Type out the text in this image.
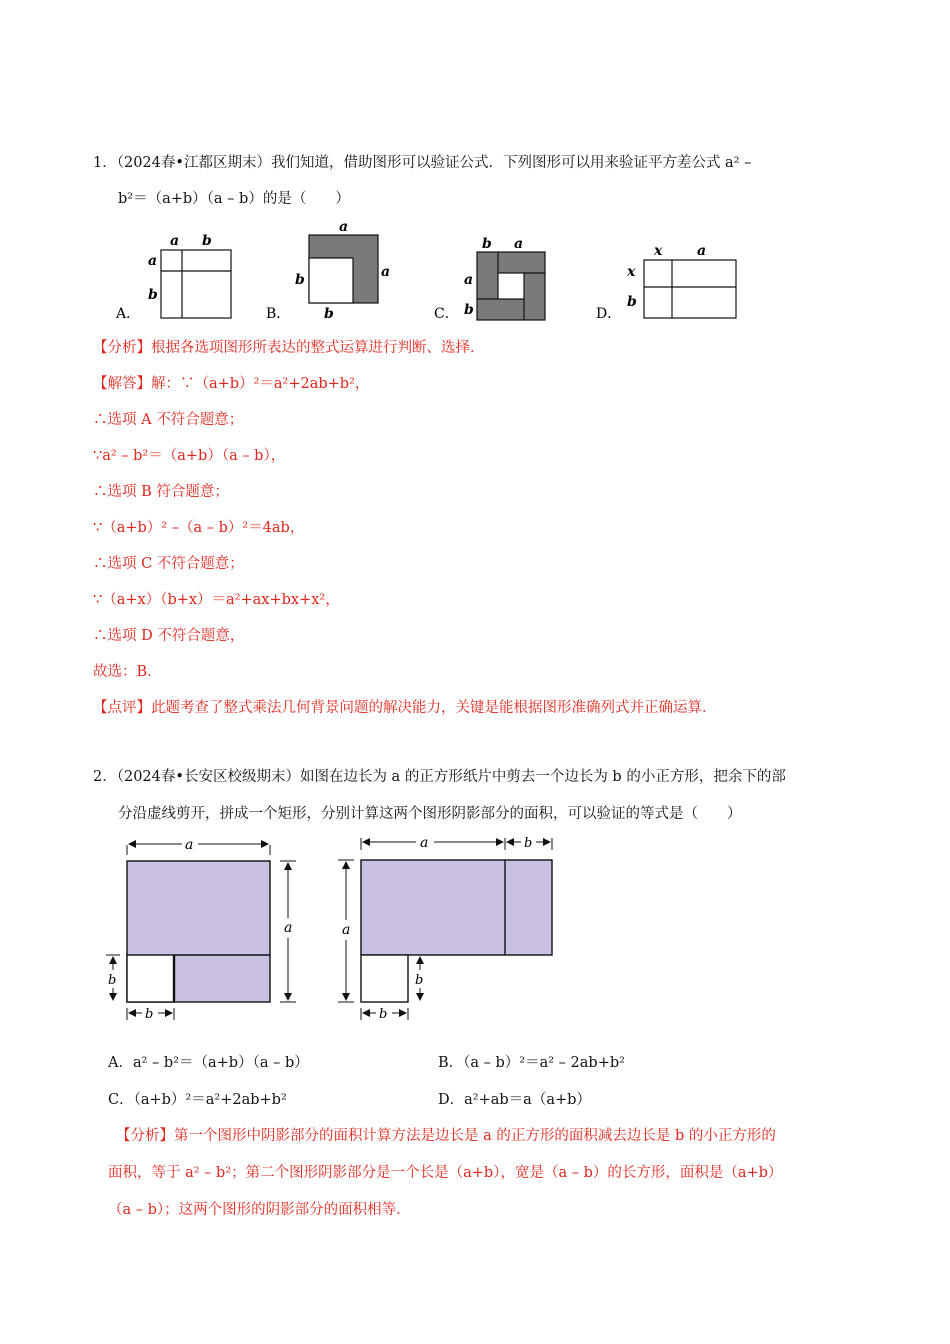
1．（2024春•江都区期末）我们知道，借助图形可以验证公式．下列图形可以用来验证平方差公式 a² –
b²＝（a+b）（a – b）的是（　　）
A．
a b
a
b
B．
a
b	a
b	C．
b a
a
b	D．
x a
x
b
【分析】根据各选项图形所表达的整式运算进行判断、选择．
【解答】解：∵（a+b）²＝a²+2ab+b²，
∴选项 A 不符合题意；
∵a² – b²＝（a+b）（a – b），
∴选项 B 符合题意；
∵（a+b）² –（a – b）²＝4ab，
∴选项 C 不符合题意；
∵（a+x）（b+x）＝a²+ax+bx+x²，
∴选项 D 不符合题意，
故选：B．
【点评】此题考查了整式乘法几何背景问题的解决能力，关键是能根据图形准确列式并正确运算．
2．（2024春•长安区校级期末）如图在边长为 a 的正方形纸片中剪去一个边长为 b 的小正方形，把余下的部
分沿虚线剪开，拼成一个矩形，分别计算这两个图形阴影部分的面积，可以验证的等式是（　　）
a
a
b
b
a	b
a
b
b
A．a² – b²＝（a+b）（a – b）	B．（a – b）²＝a² – 2ab+b²
C．（a+b）²＝a²+2ab+b²	D．a²+ab＝a（a+b）
【分析】第一个图形中阴影部分的面积计算方法是边长是 a 的正方形的面积减去边长是 b 的小正方形的
面积，等于 a² – b²；第二个图形阴影部分是一个长是（a+b），宽是（a – b）的长方形，面积是（a+b）
（a – b）；这两个图形的阴影部分的面积相等．
